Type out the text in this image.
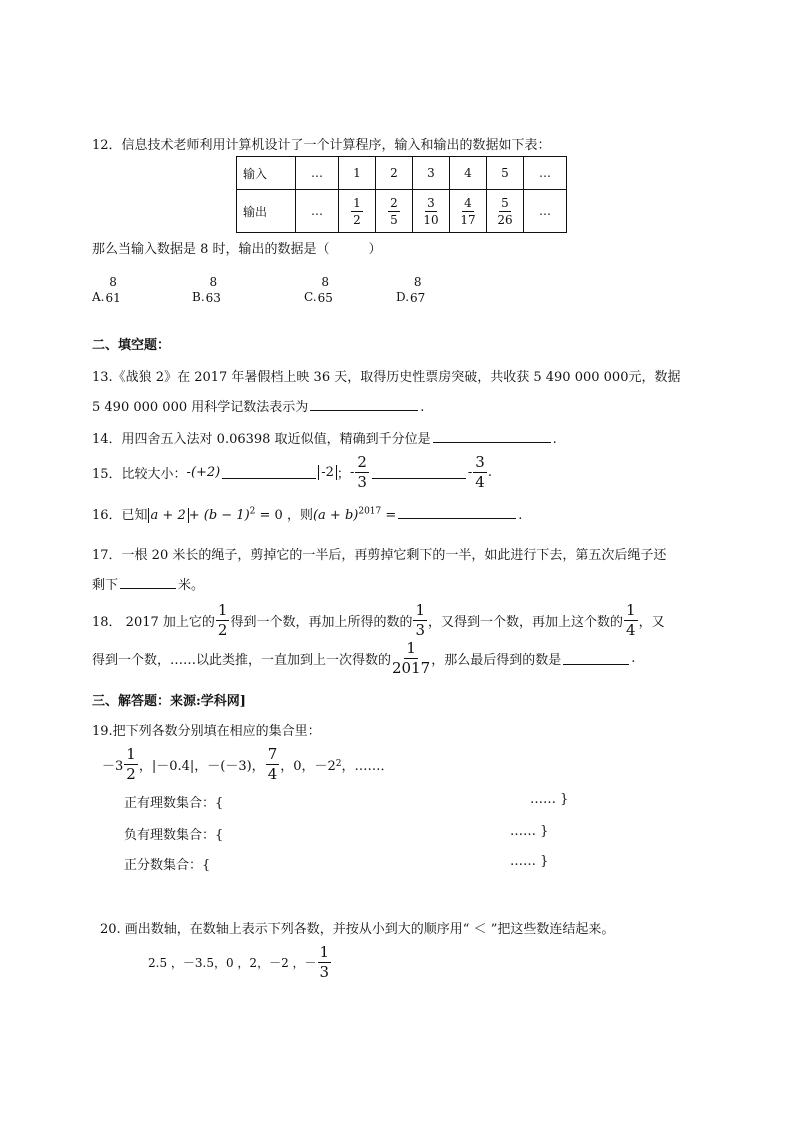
12．信息技术老师利用计算机设计了一个计算程序，输入和输出的数据如下表：
输入	…	1	2	3	4	5	…
输出	…	$\frac{1}{2}$	$\frac{2}{5}$	$\frac{3}{10}$	$\frac{4}{17}$	$\frac{5}{26}$	…
那么当输入数据是 8 时，输出的数据是（　　　）
A.
8
61	B.
8
63	C.
8
65	D.
8
67
二、填空题：
13.《战狼 2》在 2017 年暑假档上映 36 天，取得历史性票房突破，共收获 5 490 000 000元，数据
5 490 000 000 用科学记数法表示为	.
14．用四舍五入法对 0.06398 取近似值，精确到千分位是	.
15．比较大小： -(+2)	-2 ； - $\frac{2}{3}$	- $\frac{3}{4}$ .
16．已知 $a + 2 + (b - 1)^2 = 0$ ，则$(a + b)^{2017}$ =	.
17．一根 20 米长的绳子，剪掉它的一半后，再剪掉它剩下的一半，如此进行下去，第五次后绳子还
剩下	米。
18． 2017 加上它的 $\frac{1}{2}$ 得到一个数，再加上所得的数的 $\frac{1}{3}$ ，又得到一个数，再加上这个数的 $\frac{1}{4}$ ，又
得到一个数，……以此类推，一直加到上一次得数的 $\frac{1}{2017}$ ，那么最后得到的数是	.
三、解答题：来源:学科网]
19.把下列各数分别填在相应的集合里：
$-3 \frac{1}{2}$ ，|－0.4|，－(－3)， $\frac{7}{4}$ ，0，－2 2 ，……．
正有理数集合：{	…… }
负有理数集合：{	…… }
正分数集合：{	…… }
20. 画出数轴，在数轴上表示下列各数，并按从小到大的顺序用“ ＜ ”把这些数连结起来。
2.5 ，－3.5，0 ，2，－2 ，－ $\frac{1}{3}$
